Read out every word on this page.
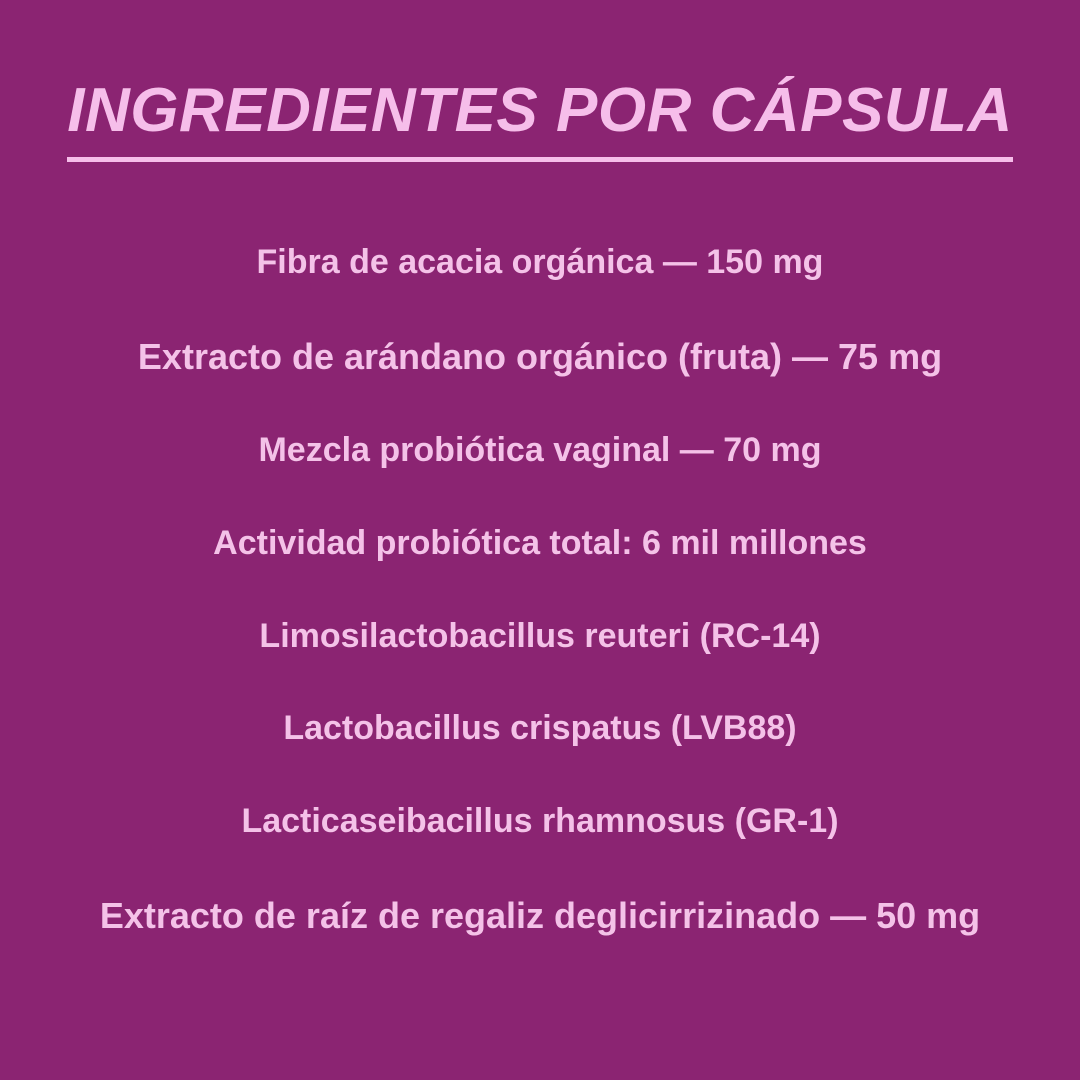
INGREDIENTES POR CÁPSULA
Fibra de acacia orgánica — 150 mg
Extracto de arándano orgánico (fruta) — 75 mg
Mezcla probiótica vaginal — 70 mg
Actividad probiótica total: 6 mil millones
Limosilactobacillus reuteri (RC-14)
Lactobacillus crispatus (LVB88)
Lacticaseibacillus rhamnosus (GR-1)
Extracto de raíz de regaliz deglicirrizinado — 50 mg
